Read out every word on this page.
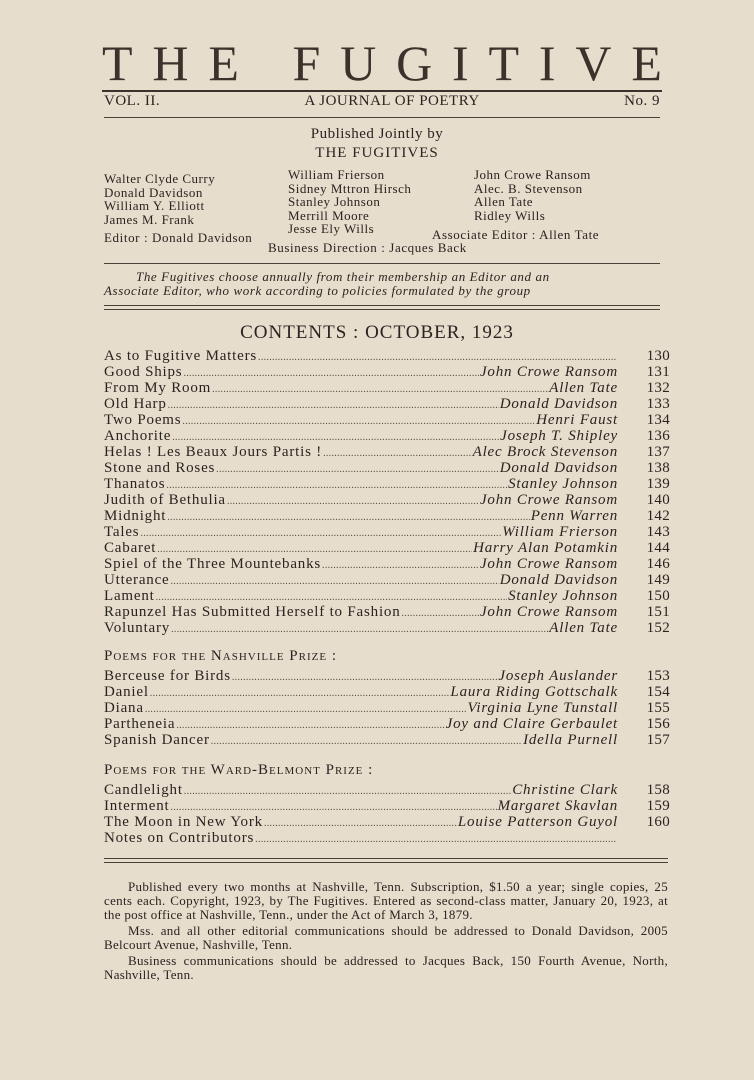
T H E F U G I T I V E
VOL. II.	A JOURNAL OF POETRY	No. 9
Published Jointly by
THE FUGITIVES
Walter Clyde Curry
Donald Davidson
William Y. Elliott
James M. Frank
William Frierson
Sidney Mttron Hirsch
Stanley Johnson
Merrill Moore
Jesse Ely Wills
John Crowe Ransom
Alec. B. Stevenson
Allen Tate
Ridley Wills
Editor : Donald Davidson	Associate Editor : Allen Tate
Business Direction : Jacques Back
The Fugitives choose annually from their membership an Editor and an
Associate Editor, who work according to policies formulated by the group
CONTENTS : OCTOBER, 1923
As to Fugitive Matters .....	130
Good Ships .....	John Crowe Ransom	131
From My Room .....	Allen Tate	132
Old Harp .....	Donald Davidson	133
Two Poems .....	Henri Faust	134
Anchorite .....	Joseph T. Shipley	136
Helas ! Les Beaux Jours Partis ! .....	Alec Brock Stevenson	137
Stone and Roses .....	Donald Davidson	138
Thanatos .....	Stanley Johnson	139
Judith of Bethulia .....	John Crowe Ransom	140
Midnight .....	Penn Warren	142
Tales .....	William Frierson	143
Cabaret .....	Harry Alan Potamkin	144
Spiel of the Three Mountebanks .....	John Crowe Ransom	146
Utterance .....	Donald Davidson	149
Lament .....	Stanley Johnson	150
Rapunzel Has Submitted Herself to Fashion .....	John Crowe Ransom	151
Voluntary .....	Allen Tate	152
Poems for the Nashville Prize :
Berceuse for Birds .....	Joseph Auslander	153
Daniel .....	Laura Riding Gottschalk	154
Diana .....	Virginia Lyne Tunstall	155
Partheneia .....	Joy and Claire Gerbaulet	156
Spanish Dancer .....	Idella Purnell	157
Poems for the Ward-Belmont Prize :
Candlelight .....	Christine Clark	158
Interment .....	Margaret Skavlan	159
The Moon in New York .....	Louise Patterson Guyol	160
Notes on Contributors
.....

Published every two months at Nashville, Tenn. Subscription, $1.50 a year; single copies, 25 cents each. Copyright, 1923, by The Fugitives. Entered as second-class matter, January 20, 1923, at the post office at Nashville, Tenn., under the Act of March 3, 1879.

Mss. and all other editorial communications should be addressed to Donald Davidson, 2005 Belcourt Avenue, Nashville, Tenn.

Business communications should be addressed to Jacques Back, 150 Fourth Avenue, North, Nashville, Tenn.
